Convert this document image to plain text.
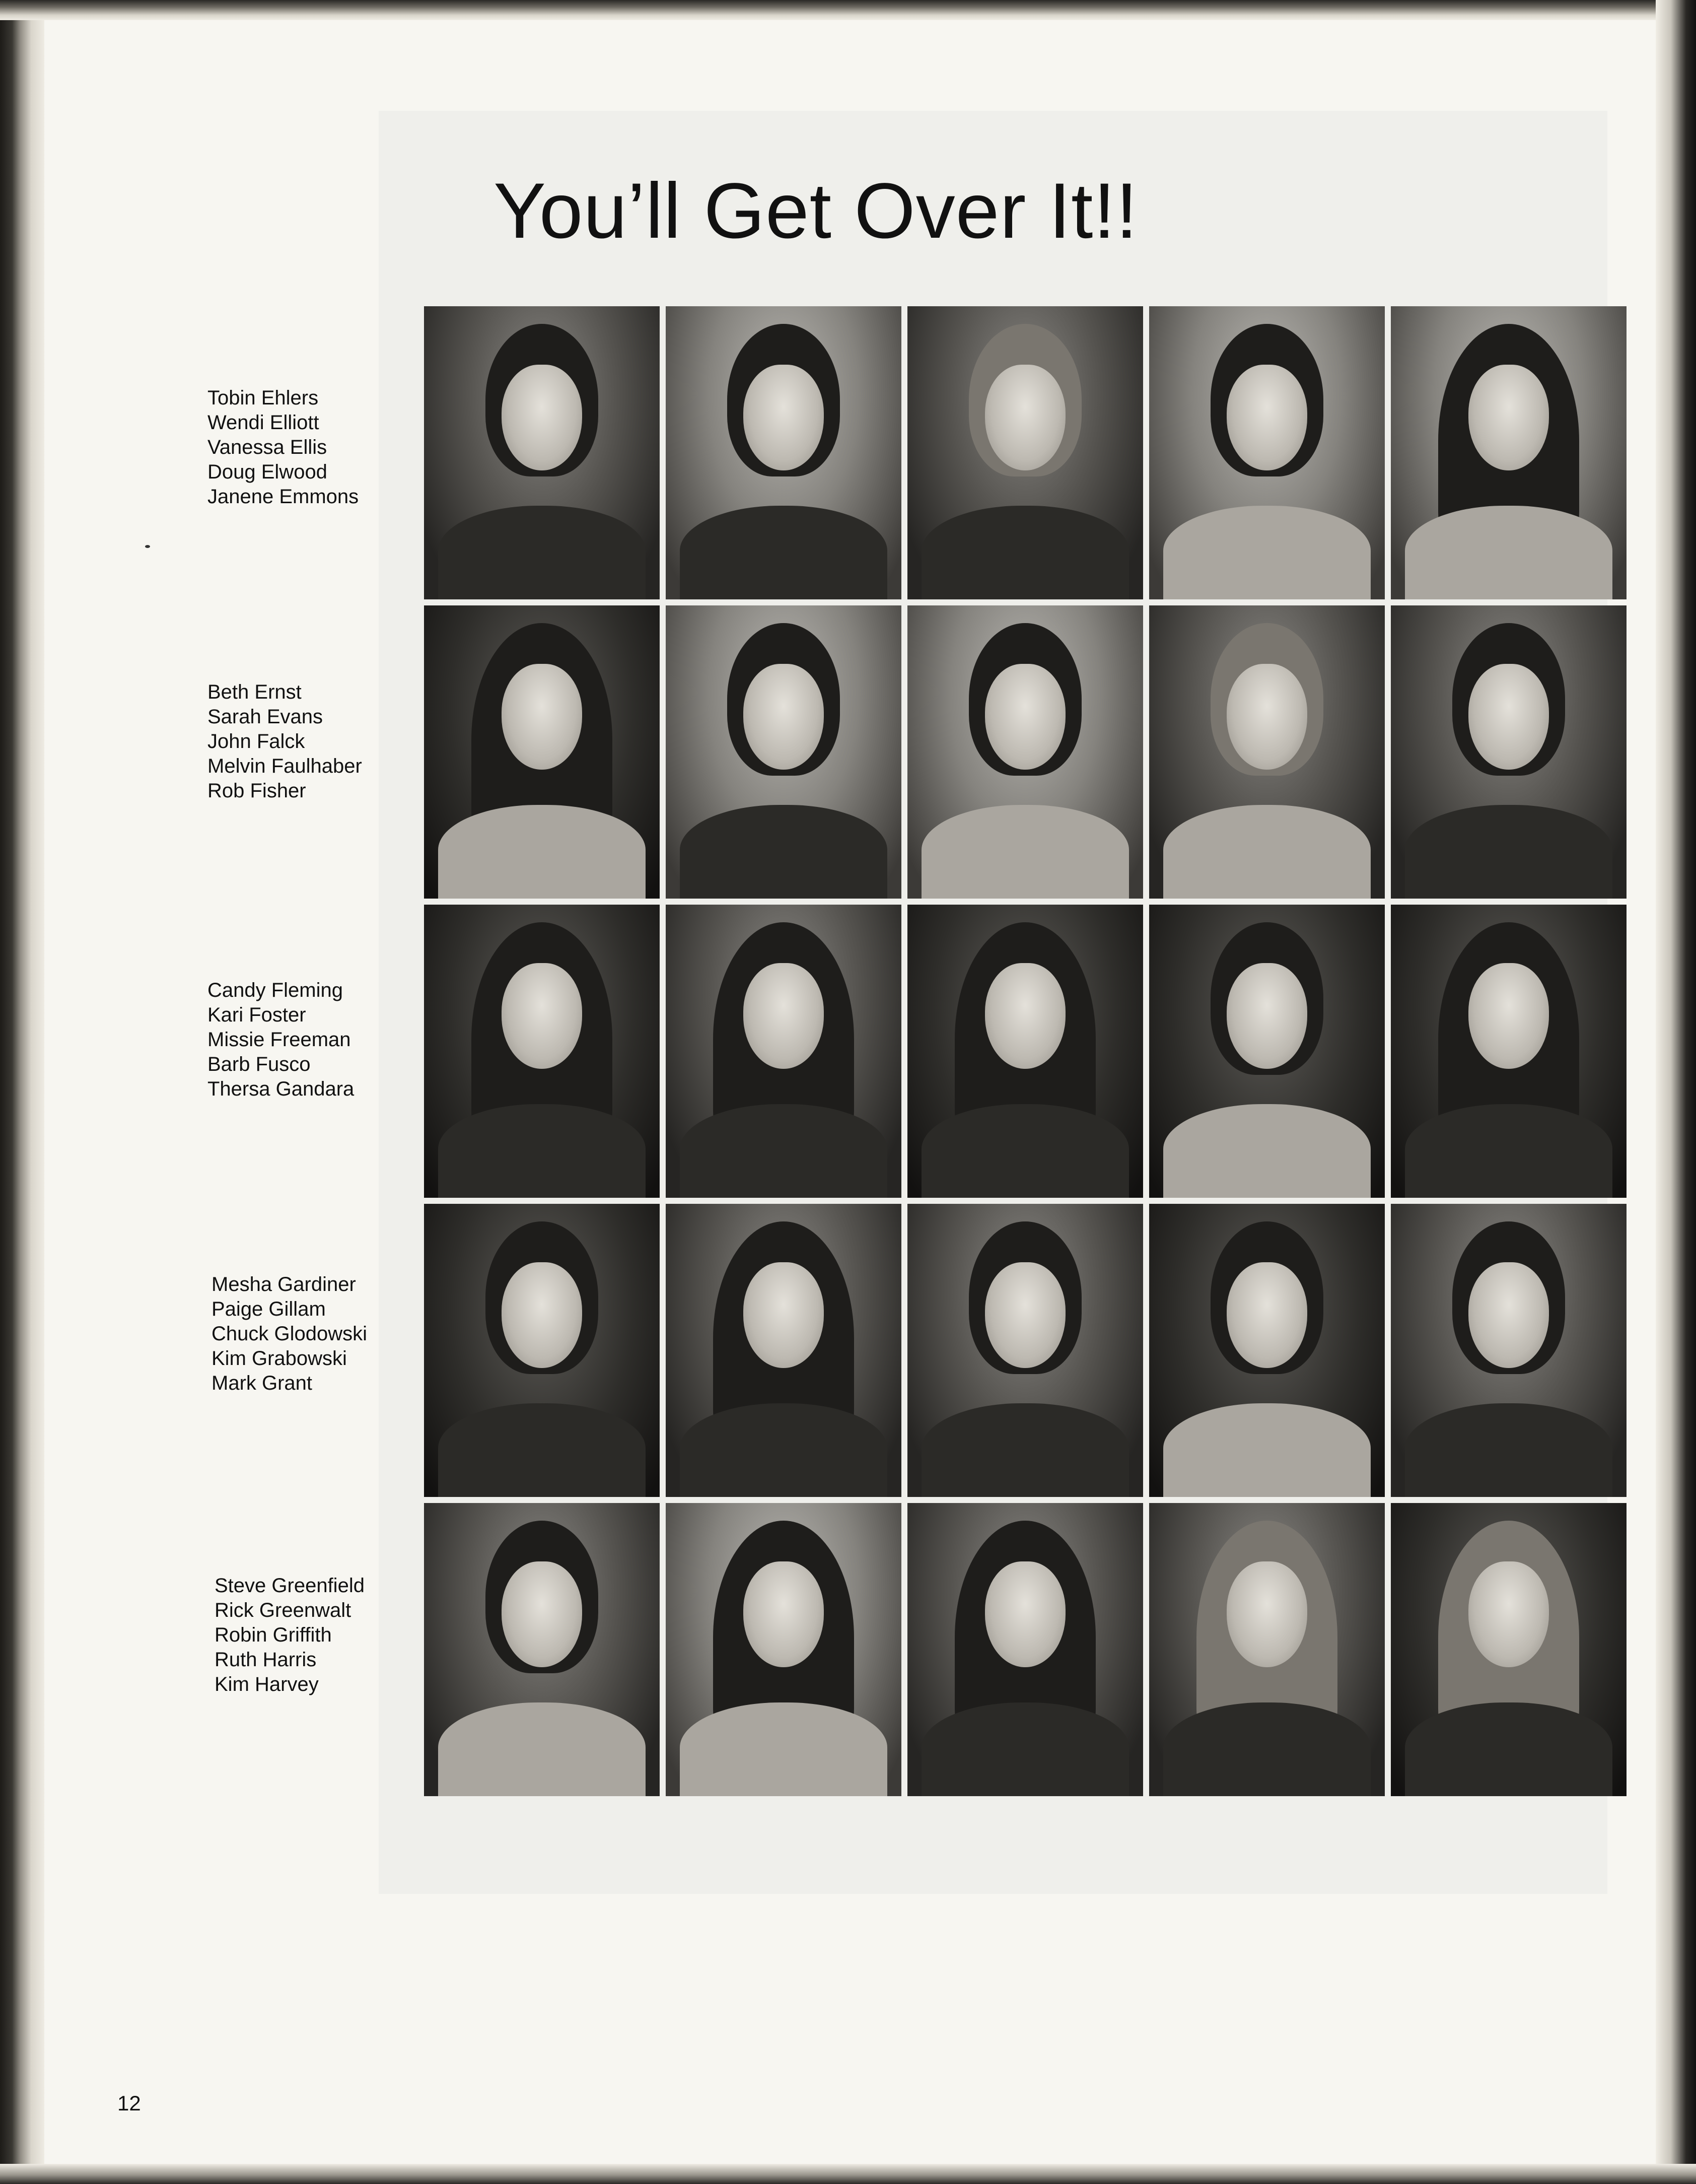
You’ll Get Over It!!
Tobin Ehlers
Wendi Elliott
Vanessa Ellis
Doug Elwood
Janene Emmons
Beth Ernst
Sarah Evans
John Falck
Melvin Faulhaber
Rob Fisher
Candy Fleming
Kari Foster
Missie Freeman
Barb Fusco
Thersa Gandara
Mesha Gardiner
Paige Gillam
Chuck Glodowski
Kim Grabowski
Mark Grant
Steve Greenfield
Rick Greenwalt
Robin Griffith
Ruth Harris
Kim Harvey
12
